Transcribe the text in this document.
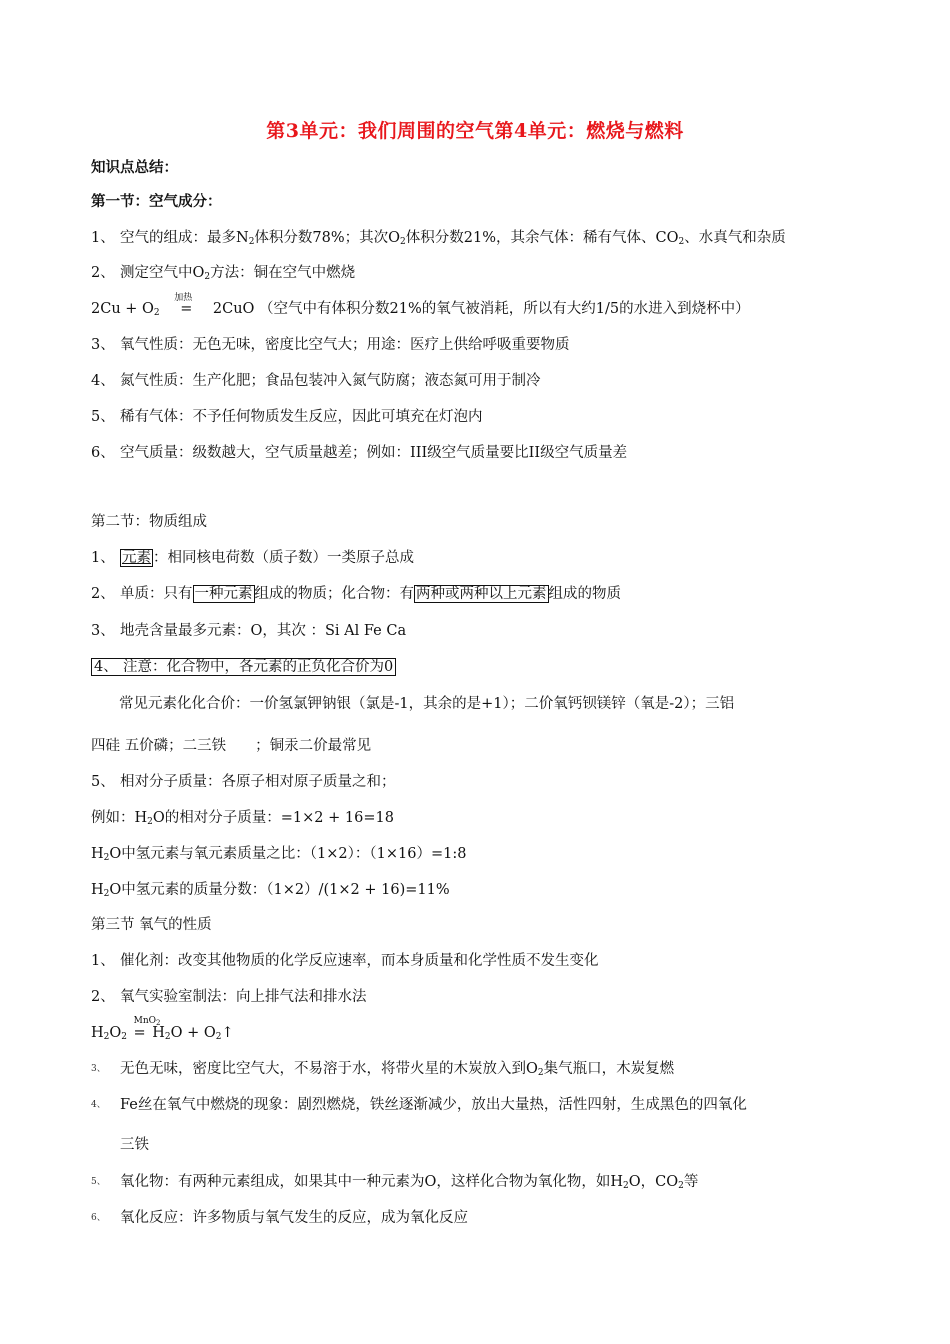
第3单元：我们周围的空气第4单元：燃烧与燃料
知识点总结：
第一节：空气成分：
1、 空气的组成：最多$N_2$体积分数78%；其次$O_2$体积分数21%，其余气体：稀有气体、$CO_2$、水真气和杂质
2、 测定空气中$O_2$方法：铜在空气中燃烧
$2Cu + O_2$
加热
= 2CuO （空气中有体积分数21%的氧气被消耗，所以有大约1/5的水进入到烧杯中）
3、 氧气性质：无色无味，密度比空气大；用途：医疗上供给呼吸重要物质
4、 氮气性质：生产化肥；食品包装冲入氮气防腐；液态氮可用于制冷
5、 稀有气体：不予任何物质发生反应，因此可填充在灯泡内
6、 空气质量：级数越大，空气质量越差；例如：III级空气质量要比II级空气质量差
第二节：物质组成
1、 元素 ：相同核电荷数（质子数）一类原子总成
2、 单质：只有 一种元素 组成的物质；化合物：有 两种或两种以上元素 组成的物质
3、 地壳含量最多元素：O，其次 ：Si Al Fe Ca
4、 注意：化合物中，各元素的正负化合价为0
常见元素化化合价：一价氢氯钾钠银（氯是-1，其余的是+1）；二价氧钙钡镁锌（氧是-2）；三铝
四硅 五价磷；二三铁　　；铜汞二价最常见
5、 相对分子质量：各原子相对原子质量之和；
例如：$H_2O$的相对分子质量：=1×2 + 16=18
$H_2O$中氢元素与氧元素质量之比：（1×2）：（1×16）=1:8
$H_2O$中氢元素的质量分数：（1×2）/(1×2 + 16)=11%
第三节 氧气的性质
1、 催化剂：改变其他物质的化学反应速率，而本身质量和化学性质不发生变化
2、 氧气实验室制法：向上排气法和排水法
$H_2O_2$
MnO$_2$
= $H_2O$ + $O_2↑$
3、 无色无味，密度比空气大，不易溶于水，将带火星的木炭放入到$O_2$集气瓶口，木炭复燃
4、 Fe丝在氧气中燃烧的现象：剧烈燃烧，铁丝逐渐减少，放出大量热，活性四射，生成黑色的四氧化
三铁
5、 氧化物：有两种元素组成，如果其中一种元素为O，这样化合物为氧化物，如$H_2O$，$CO_2$等
6、 氧化反应：许多物质与氧气发生的反应，成为氧化反应
